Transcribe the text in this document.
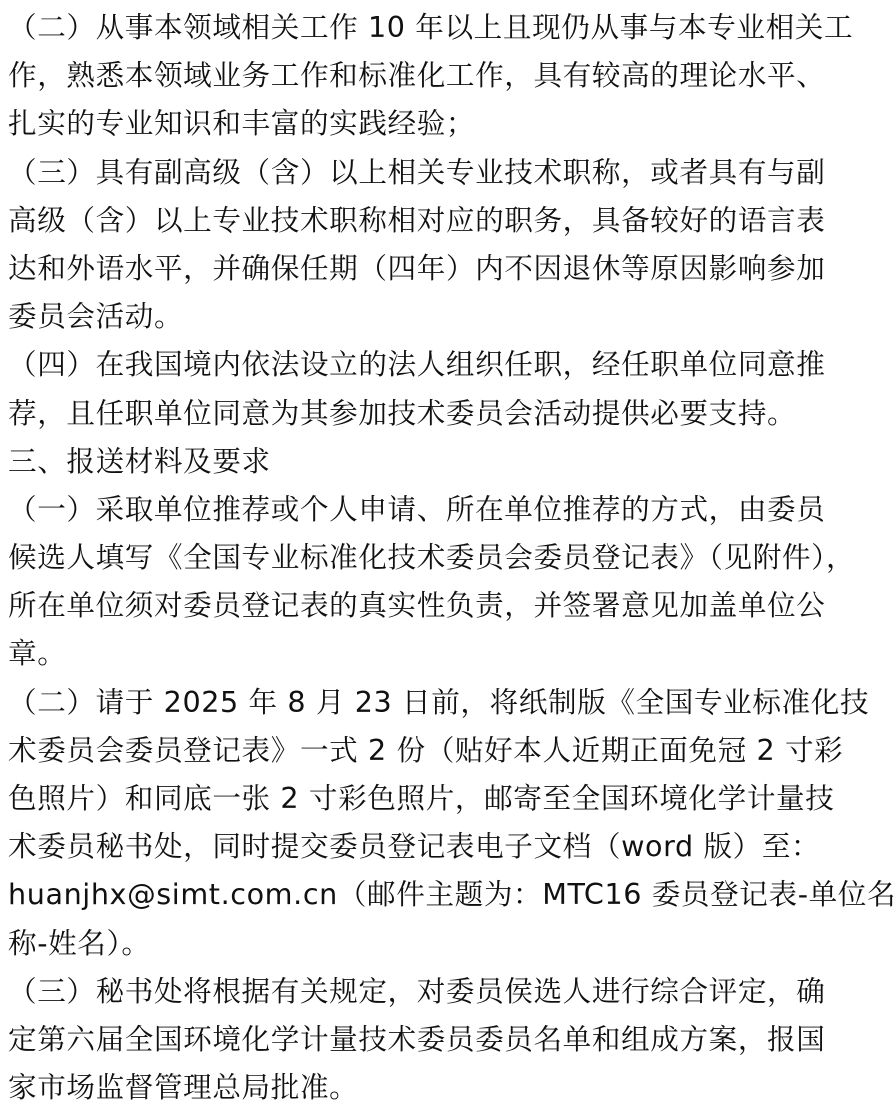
（二）从事本领域相关工作 10 年以上且现仍从事与本专业相关工
作，熟悉本领域业务工作和标准化工作，具有较高的理论水平、
扎实的专业知识和丰富的实践经验；
（三）具有副高级（含）以上相关专业技术职称，或者具有与副
高级（含）以上专业技术职称相对应的职务，具备较好的语言表
达和外语水平，并确保任期（四年）内不因退休等原因影响参加
委员会活动。
（四）在我国境内依法设立的法人组织任职，经任职单位同意推
荐，且任职单位同意为其参加技术委员会活动提供必要支持。
三、报送材料及要求
（一）采取单位推荐或个人申请、所在单位推荐的方式，由委员
候选人填写《全国专业标准化技术委员会委员登记表》（见附件），
所在单位须对委员登记表的真实性负责，并签署意见加盖单位公
章。
（二）请于 2025 年 8 月 23 日前，将纸制版《全国专业标准化技
术委员会委员登记表》一式 2 份（贴好本人近期正面免冠 2 寸彩
色照片）和同底一张 2 寸彩色照片，邮寄至全国环境化学计量技
术委员秘书处，同时提交委员登记表电子文档（word 版）至：
huanjhx@simt.com.cn（邮件主题为：MTC16 委员登记表-单位名
称-姓名）。
（三）秘书处将根据有关规定，对委员侯选人进行综合评定，确
定第六届全国环境化学计量技术委员委员名单和组成方案，报国
家市场监督管理总局批准。
